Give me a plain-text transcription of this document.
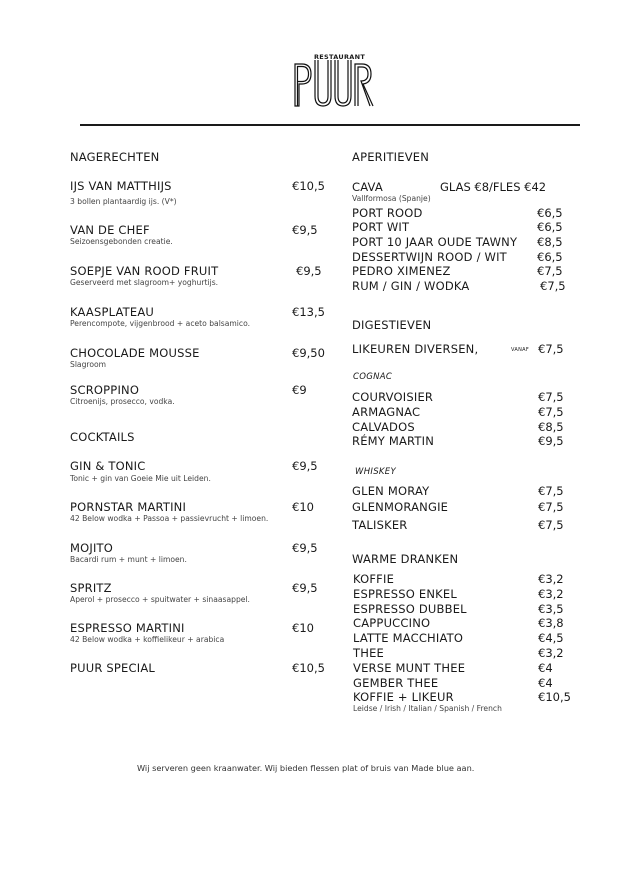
RESTAURANT
NAGERECHTEN
IJS VAN MATTHIJS	€10,5
3 bollen plantaardig ijs. (V*)
VAN DE CHEF	€9,5
Seizoensgebonden creatie.
SOEPJE VAN ROOD FRUIT	€9,5
Geserveerd met slagroom+ yoghurtijs.
KAASPLATEAU	€13,5
Perencompote, vijgenbrood + aceto balsamico.
CHOCOLADE MOUSSE	€9,50
Slagroom
SCROPPINO	€9
Citroenijs, prosecco, vodka.
COCKTAILS
GIN & TONIC	€9,5
Tonic + gin van Goeie Mie uit Leiden.
PORNSTAR MARTINI	€10
42 Below wodka + Passoa + passievrucht + limoen.
MOJITO	€9,5
Bacardi rum + munt + limoen.
SPRITZ	€9,5
Aperol + prosecco + spuitwater + sinaasappel.
ESPRESSO MARTINI	€10
42 Below wodka + koffielikeur + arabica
PUUR SPECIAL	€10,5
APERITIEVEN
CAVA	GLAS €8/FLES €42
Vallformosa (Spanje)
PORT ROOD	€6,5
PORT WIT	€6,5
PORT 10 JAAR OUDE TAWNY €8,5
DESSERTWIJN ROOD / WIT	€6,5
PEDRO XIMENEZ	€7,5
RUM / GIN / WODKA	€7,5
DIGESTIEVEN
LIKEUREN DIVERSEN,	VANAF €7,5
COGNAC
COURVOISIER	€7,5
ARMAGNAC	€7,5
CALVADOS	€8,5
RÉMY MARTIN	€9,5
WHISKEY
GLEN MORAY	€7,5
GLENMORANGIE	€7,5
TALISKER	€7,5
WARME DRANKEN
KOFFIE	€3,2
ESPRESSO ENKEL	€3,2
ESPRESSO DUBBEL	€3,5
CAPPUCCINO	€3,8
LATTE MACCHIATO	€4,5
THEE	€3,2
VERSE MUNT THEE	€4
GEMBER THEE	€4
KOFFIE + LIKEUR	€10,5
Leidse / Irish / Italian / Spanish / French
Wij serveren geen kraanwater. Wij bieden flessen plat of bruis van Made blue aan.
